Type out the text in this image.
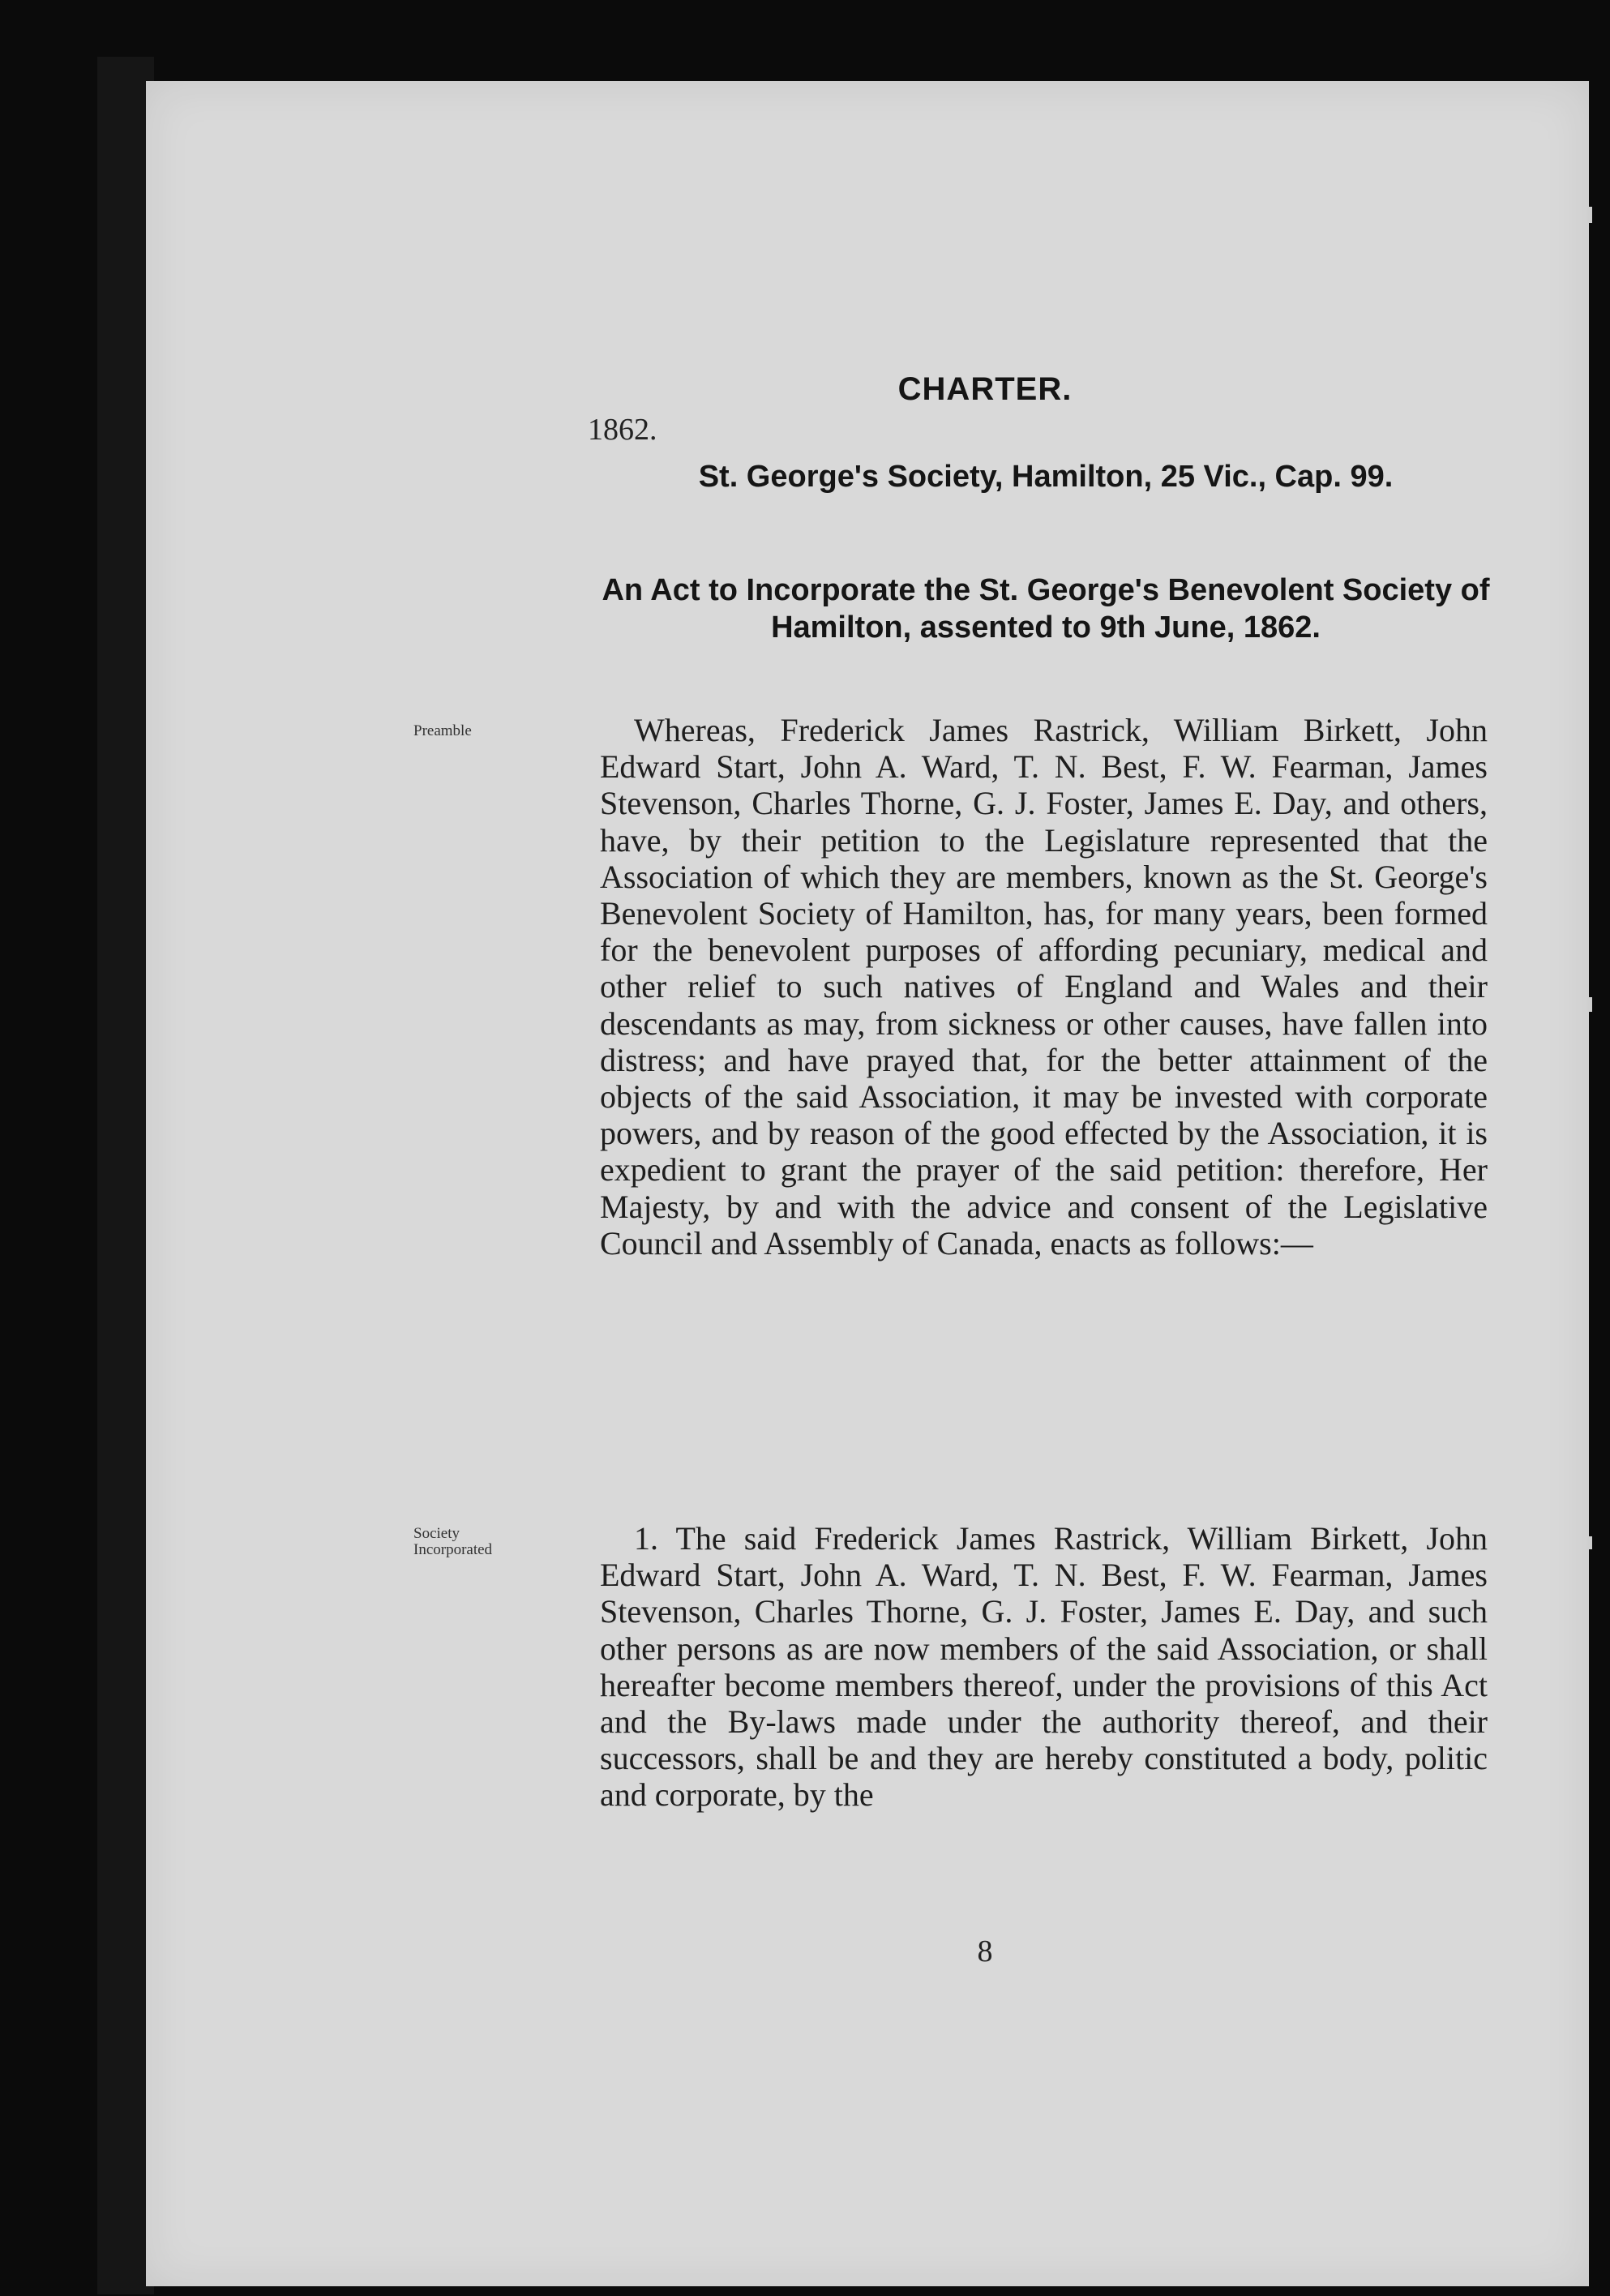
CHARTER.
1862.
St. George's Society, Hamilton, 25 Vic., Cap. 99.
An Act to Incorporate the St. George's Benevolent Society of Hamilton, assented to 9th June, 1862.
Preamble	Whereas, Frederick James Rastrick, William Birkett, John Edward Start, John A. Ward, T. N. Best, F. W. Fearman, James Stevenson, Charles Thorne, G. J. Foster, James E. Day, and others, have, by their petition to the Legislature represented that the Association of which they are members, known as the St. George's Benevolent Society of Hamilton, has, for many years, been formed for the benevolent purposes of affording pecuniary, medical and other relief to such natives of England and Wales and their descendants as may, from sickness or other causes, have fallen into distress; and have prayed that, for the better attainment of the objects of the said Association, it may be invested with corporate powers, and by reason of the good effected by the Association, it is expedient to grant the prayer of the said petition: therefore, Her Majesty, by and with the advice and consent of the Legislative Council and Assembly of Canada, enacts as follows:—

Society Incorporated	1. The said Frederick James Rastrick, William Birkett, John Edward Start, John A. Ward, T. N. Best, F. W. Fearman, James Stevenson, Charles Thorne, G. J. Foster, James E. Day, and such other persons as are now members of the said Association, or shall hereafter become members thereof, under the provisions of this Act and the By-laws made under the authority thereof, and their successors, shall be and they are hereby constituted a body, politic and corporate, by the

8
